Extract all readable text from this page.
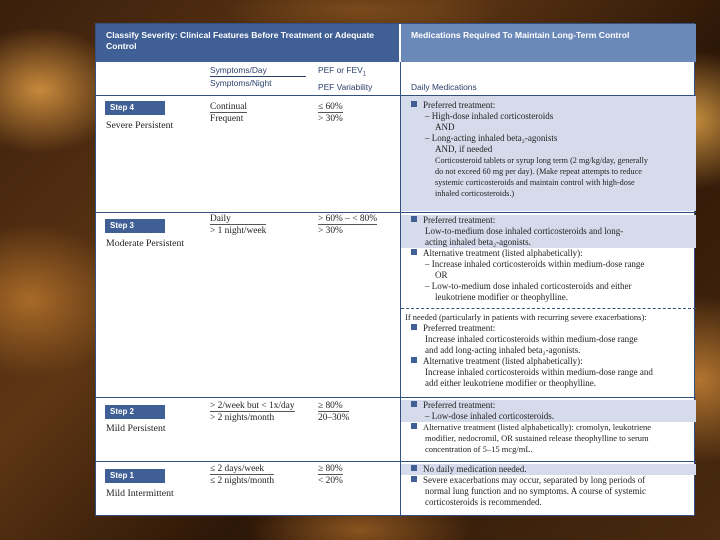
Classify Severity: Clinical Features Before Treatment or Adequate Control
Medications Required To Maintain Long-Term Control
Symptoms/Day
Symptoms/Night
PEF or $FEV_1$
PEF Variability	Daily Medications
Step 4
Severe Persistent
Continual
Frequent
≤ 60%
> 30%
Preferred treatment:
– High-dose inhaled corticosteroids
AND
– Long-acting inhaled beta₂-agonists
AND, if needed
Corticosteroid tablets or syrup long term (2 mg/kg/day, generally
do not exceed 60 mg per day). (Make repeat attempts to reduce
systemic corticosteroids and maintain control with high-dose
inhaled corticosteroids.)
Step 3
Moderate Persistent
Daily
> 1 night/week
> 60% – < 80%
> 30%
Preferred treatment:
Low-to-medium dose inhaled corticosteroids and long-
acting inhaled beta₂-agonists.
Alternative treatment (listed alphabetically):
– Increase inhaled corticosteroids within medium-dose range
OR
– Low-to-medium dose inhaled corticosteroids and either
leukotriene modifier or theophylline.
If needed (particularly in patients with recurring severe exacerbations):
Preferred treatment:
Increase inhaled corticosteroids within medium-dose range
and add long-acting inhaled beta₂-agonists.
Alternative treatment (listed alphabetically):
Increase inhaled corticosteroids within medium-dose range and
add either leukotriene modifier or theophylline.
Step 2
Mild Persistent
> 2/week but < 1x/day
> 2 nights/month
≥ 80%
20–30%
Preferred treatment:
– Low-dose inhaled corticosteroids.
Alternative treatment (listed alphabetically): cromolyn, leukotriene
modifier, nedocromil, OR sustained release theophylline to serum
concentration of 5–15 mcg/mL.
Step 1
Mild Intermittent
≤ 2 days/week
≤ 2 nights/month
≥ 80%
< 20%
No daily medication needed.
Severe exacerbations may occur, separated by long periods of
normal lung function and no symptoms. A course of systemic
corticosteroids is recommended.
